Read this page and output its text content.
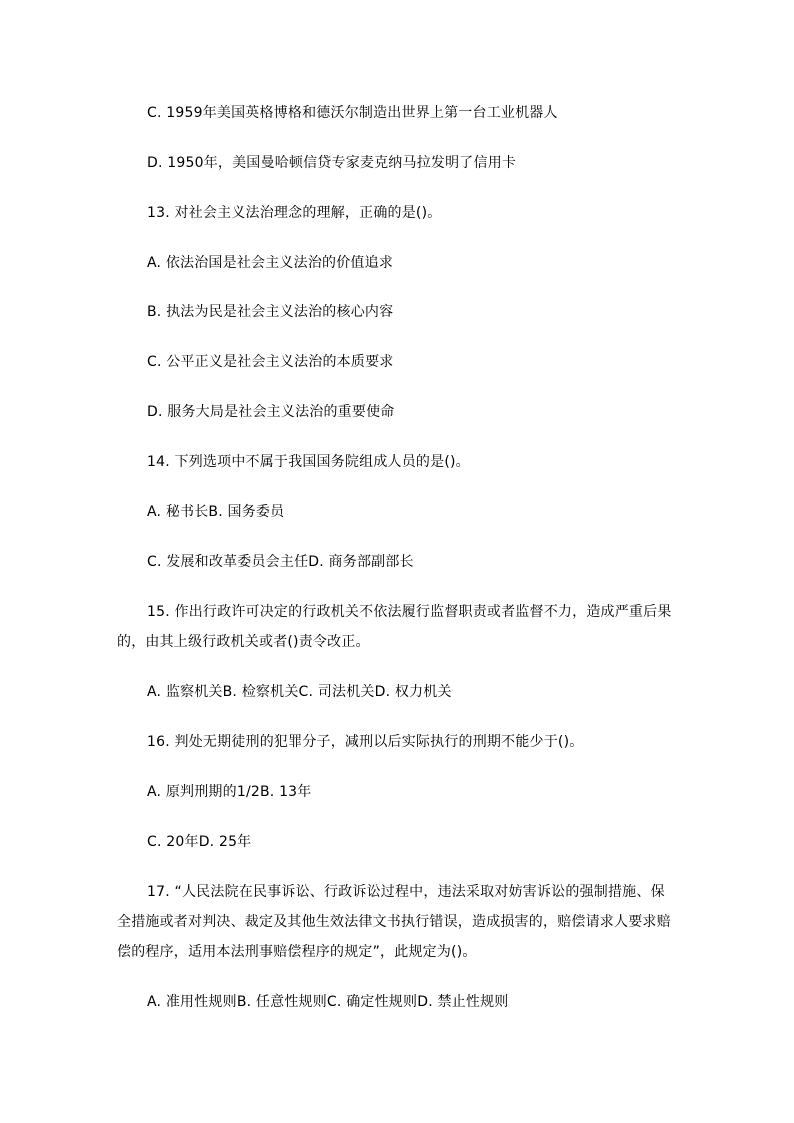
C. 1959年美国英格博格和德沃尔制造出世界上第一台工业机器人
D. 1950年，美国曼哈顿信贷专家麦克纳马拉发明了信用卡
13. 对社会主义法治理念的理解，正确的是()。
A. 依法治国是社会主义法治的价值追求
B. 执法为民是社会主义法治的核心内容
C. 公平正义是社会主义法治的本质要求
D. 服务大局是社会主义法治的重要使命
14. 下列选项中不属于我国国务院组成人员的是()。
A. 秘书长B. 国务委员
C. 发展和改革委员会主任D. 商务部副部长
15. 作出行政许可决定的行政机关不依法履行监督职责或者监督不力，造成严重后果
的，由其上级行政机关或者()责令改正。
A. 监察机关B. 检察机关C. 司法机关D. 权力机关
16. 判处无期徒刑的犯罪分子，减刑以后实际执行的刑期不能少于()。
A. 原判刑期的1/2B. 13年
C. 20年D. 25年
17. “人民法院在民事诉讼、行政诉讼过程中，违法采取对妨害诉讼的强制措施、保
全措施或者对判决、裁定及其他生效法律文书执行错误，造成损害的，赔偿请求人要求赔
偿的程序，适用本法刑事赔偿程序的规定”，此规定为()。
A. 准用性规则B. 任意性规则C. 确定性规则D. 禁止性规则
